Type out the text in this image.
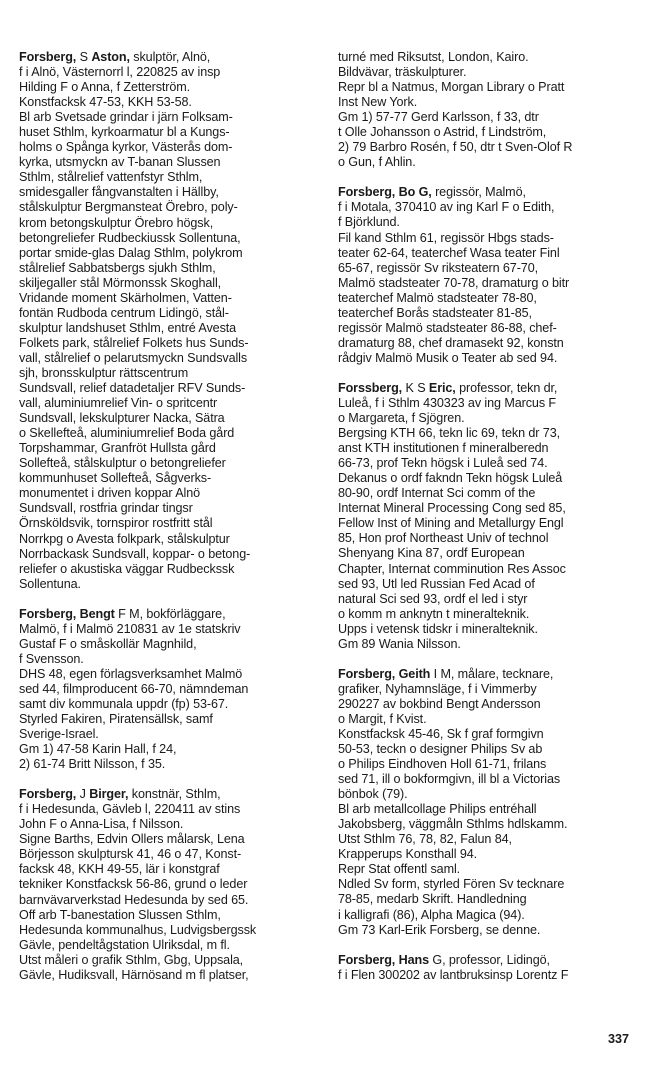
Forsberg, S Aston, skulptör, Alnö,
f i Alnö, Västernorrl l, 220825 av insp
Hilding F o Anna, f Zetterström.
Konstfacksk 47-53, KKH 53-58.
Bl arb Svetsade grindar i järn Folksam-
huset Sthlm, kyrkoarmatur bl a Kungs-
holms o Spånga kyrkor, Västerås dom-
kyrka, utsmyckn av T-banan Slussen
Sthlm, stålrelief vattenfstyr Sthlm,
smidesgaller fångvanstalten i Hällby,
stålskulptur Bergmansteat Örebro, poly-
krom betongskulptur Örebro högsk,
betongreliefer Rudbeckiussk Sollentuna,
portar smide-glas Dalag Sthlm, polykrom
stålrelief Sabbatsbergs sjukh Sthlm,
skiljegaller stål Mörmonssk Skoghall,
Vridande moment Skärholmen, Vatten-
fontän Rudboda centrum Lidingö, stål-
skulptur landshuset Sthlm, entré Avesta
Folkets park, stålrelief Folkets hus Sunds-
vall, stålrelief o pelarutsmyckn Sundsvalls
sjh, bronsskulptur rättscentrum
Sundsvall, relief datadetaljer RFV Sunds-
vall, aluminiumrelief Vin- o spritcentr
Sundsvall, lekskulpturer Nacka, Sätra
o Skellefteå, aluminiumrelief Boda gård
Torpshammar, Granfröt Hullsta gård
Sollefteå, stålskulptur o betongreliefer
kommunhuset Sollefteå, Sågverks-
monumentet i driven koppar Alnö
Sundsvall, rostfria grindar tingsr
Örnsköldsvik, tornspiror rostfritt stål
Norrkpg o Avesta folkpark, stålskulptur
Norrbackask Sundsvall, koppar- o betong-
reliefer o akustiska väggar Rudbeckssk
Sollentuna.
Forsberg, Bengt F M, bokförläggare,
Malmö, f i Malmö 210831 av 1e statskriv
Gustaf F o småskollär Magnhild,
f Svensson.
DHS 48, egen förlagsverksamhet Malmö
sed 44, filmproducent 66-70, nämndeman
samt div kommunala uppdr (fp) 53-67.
Styrled Fakiren, Piratensällsk, samf
Sverige-Israel.
Gm 1) 47-58 Karin Hall, f 24,
2) 61-74 Britt Nilsson, f 35.
Forsberg, J Birger, konstnär, Sthlm,
f i Hedesunda, Gävleb l, 220411 av stins
John F o Anna-Lisa, f Nilsson.
Signe Barths, Edvin Ollers målarsk, Lena
Börjesson skulptursk 41, 46 o 47, Konst-
facksk 48, KKH 49-55, lär i konstgraf
tekniker Konstfacksk 56-86, grund o leder
barnvävarverkstad Hedesunda by sed 65.
Off arb T-banestation Slussen Sthlm,
Hedesunda kommunalhus, Ludvigsbergssk
Gävle, pendeltågstation Ulriksdal, m fl.
Utst måleri o grafik Sthlm, Gbg, Uppsala,
Gävle, Hudiksvall, Härnösand m fl platser,
turné med Riksutst, London, Kairo.
Bildvävar, träskulpturer.
Repr bl a Natmus, Morgan Library o Pratt
Inst New York.
Gm 1) 57-77 Gerd Karlsson, f 33, dtr
t Olle Johansson o Astrid, f Lindström,
2) 79 Barbro Rosén, f 50, dtr t Sven-Olof R
o Gun, f Ahlin.
Forsberg, Bo G, regissör, Malmö,
f i Motala, 370410 av ing Karl F o Edith,
f Björklund.
Fil kand Sthlm 61, regissör Hbgs stads-
teater 62-64, teaterchef Wasa teater Finl
65-67, regissör Sv riksteatern 67-70,
Malmö stadsteater 70-78, dramaturg o bitr
teaterchef Malmö stadsteater 78-80,
teaterchef Borås stadsteater 81-85,
regissör Malmö stadsteater 86-88, chef-
dramaturg 88, chef dramasekt 92, konstn
rådgiv Malmö Musik o Teater ab sed 94.
Forssberg, K S Eric, professor, tekn dr,
Luleå, f i Sthlm 430323 av ing Marcus F
o Margareta, f Sjögren.
Bergsing KTH 66, tekn lic 69, tekn dr 73,
anst KTH institutionen f mineralberedn
66-73, prof Tekn högsk i Luleå sed 74.
Dekanus o ordf fakndn Tekn högsk Luleå
80-90, ordf Internat Sci comm of the
Internat Mineral Processing Cong sed 85,
Fellow Inst of Mining and Metallurgy Engl
85, Hon prof Northeast Univ of technol
Shenyang Kina 87, ordf European
Chapter, Internat comminution Res Assoc
sed 93, Utl led Russian Fed Acad of
natural Sci sed 93, ordf el led i styr
o komm m anknytn t mineralteknik.
Upps i vetensk tidskr i mineralteknik.
Gm 89 Wania Nilsson.
Forsberg, Geith I M, målare, tecknare,
grafiker, Nyhamnsläge, f i Vimmerby
290227 av bokbind Bengt Andersson
o Margit, f Kvist.
Konstfacksk 45-46, Sk f graf formgivn
50-53, teckn o designer Philips Sv ab
o Philips Eindhoven Holl 61-71, frilans
sed 71, ill o bokformgivn, ill bl a Victorias
bönbok (79).
Bl arb metallcollage Philips entréhall
Jakobsberg, väggmåln Sthlms hdlskamm.
Utst Sthlm 76, 78, 82, Falun 84,
Krapperups Konsthall 94.
Repr Stat offentl saml.
Ndled Sv form, styrled Fören Sv tecknare
78-85, medarb Skrift. Handledning
i kalligrafi (86), Alpha Magica (94).
Gm 73 Karl-Erik Forsberg, se denne.
Forsberg, Hans G, professor, Lidingö,
f i Flen 300202 av lantbruksinsp Lorentz F
337
